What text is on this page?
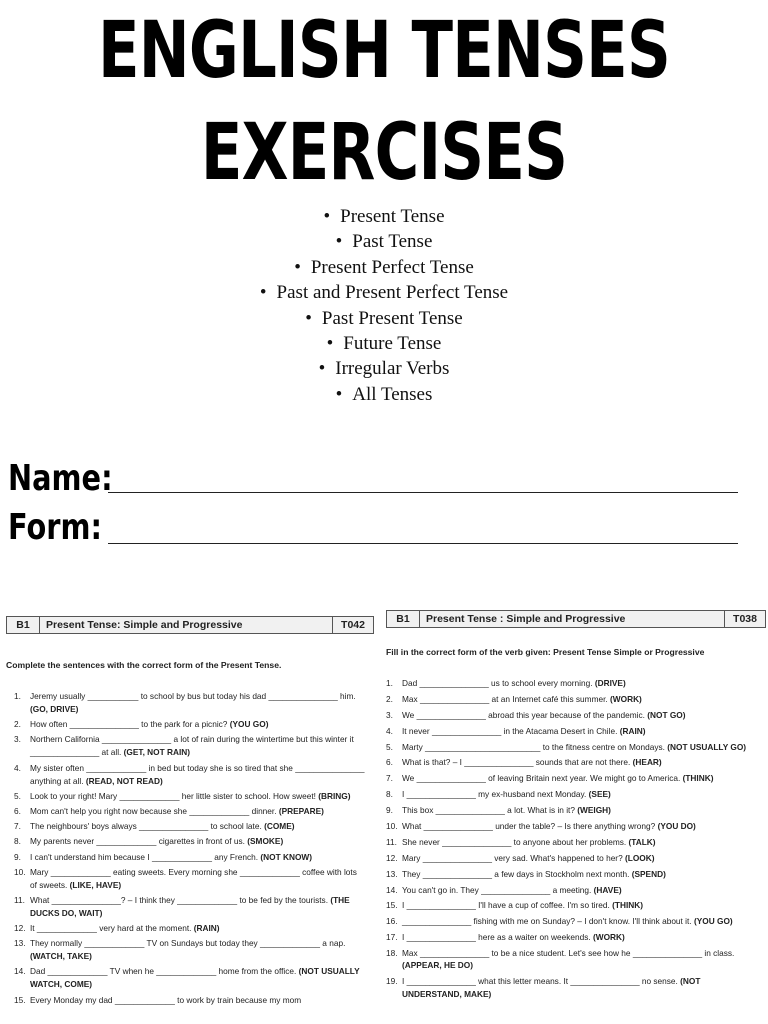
ENGLISH TENSES
EXERCISES
• Present Tense
• Past Tense
• Present Perfect Tense
• Past and Present Perfect Tense
• Past Present Tense
• Future Tense
• Irregular Verbs
• All Tenses
Name:
Form:
B1	Present Tense: Simple and Progressive	T042
Complete the sentences with the correct form of the Present Tense.
1. Jeremy usually ___________ to school by bus but today his dad _______________ him. (GO, DRIVE)
2. How often _______________ to the park for a picnic? (YOU GO)
3. Northern California _______________ a lot of rain during the wintertime but this winter it _______________ at all. (GET, NOT RAIN)
4. My sister often _____________ in bed but today she is so tired that she _______________ anything at all. (READ, NOT READ)
5. Look to your right! Mary _____________ her little sister to school. How sweet! (BRING)
6. Mom can't help you right now because she _____________ dinner. (PREPARE)
7. The neighbours' boys always _______________ to school late. (COME)
8. My parents never _____________ cigarettes in front of us. (SMOKE)
9. I can't understand him because I _____________ any French. (NOT KNOW)
10. Mary _____________ eating sweets. Every morning she _____________ coffee with lots of sweets. (LIKE, HAVE)
11. What _______________? – I think they _____________ to be fed by the tourists. (THE DUCKS DO, WAIT)
12. It _____________ very hard at the moment. (RAIN)
13. They normally _____________ TV on Sundays but today they _____________ a nap. (WATCH, TAKE)
14. Dad _____________ TV when he _____________ home from the office. (NOT USUALLY WATCH, COME)
15. Every Monday my dad _____________ to work by train because my mom
B1	Present Tense : Simple and Progressive	T038
Fill in the correct form of the verb given: Present Tense Simple or Progressive
1. Dad _______________ us to school every morning. (DRIVE)
2. Max _______________ at an Internet café this summer. (WORK)
3. We _______________ abroad this year because of the pandemic. (NOT GO)
4. It never _______________ in the Atacama Desert in Chile. (RAIN)
5. Marty _________________________ to the fitness centre on Mondays. (NOT USUALLY GO)
6. What is that? – I _______________ sounds that are not there. (HEAR)
7. We _______________ of leaving Britain next year. We might go to America. (THINK)
8. I _______________ my ex-husband next Monday. (SEE)
9. This box _______________ a lot. What is in it? (WEIGH)
10. What _______________ under the table? – Is there anything wrong? (YOU DO)
11. She never _______________ to anyone about her problems. (TALK)
12. Mary _______________ very sad. What's happened to her? (LOOK)
13. They _______________ a few days in Stockholm next month. (SPEND)
14. You can't go in. They _______________ a meeting. (HAVE)
15. I _______________ I'll have a cup of coffee. I'm so tired. (THINK)
16. _______________ fishing with me on Sunday? – I don't know. I'll think about it. (YOU GO)
17. I _______________ here as a waiter on weekends. (WORK)
18. Max _______________ to be a nice student. Let's see how he _______________ in class. (APPEAR, HE DO)
19. I _______________ what this letter means. It _______________ no sense. (NOT UNDERSTAND, MAKE)
